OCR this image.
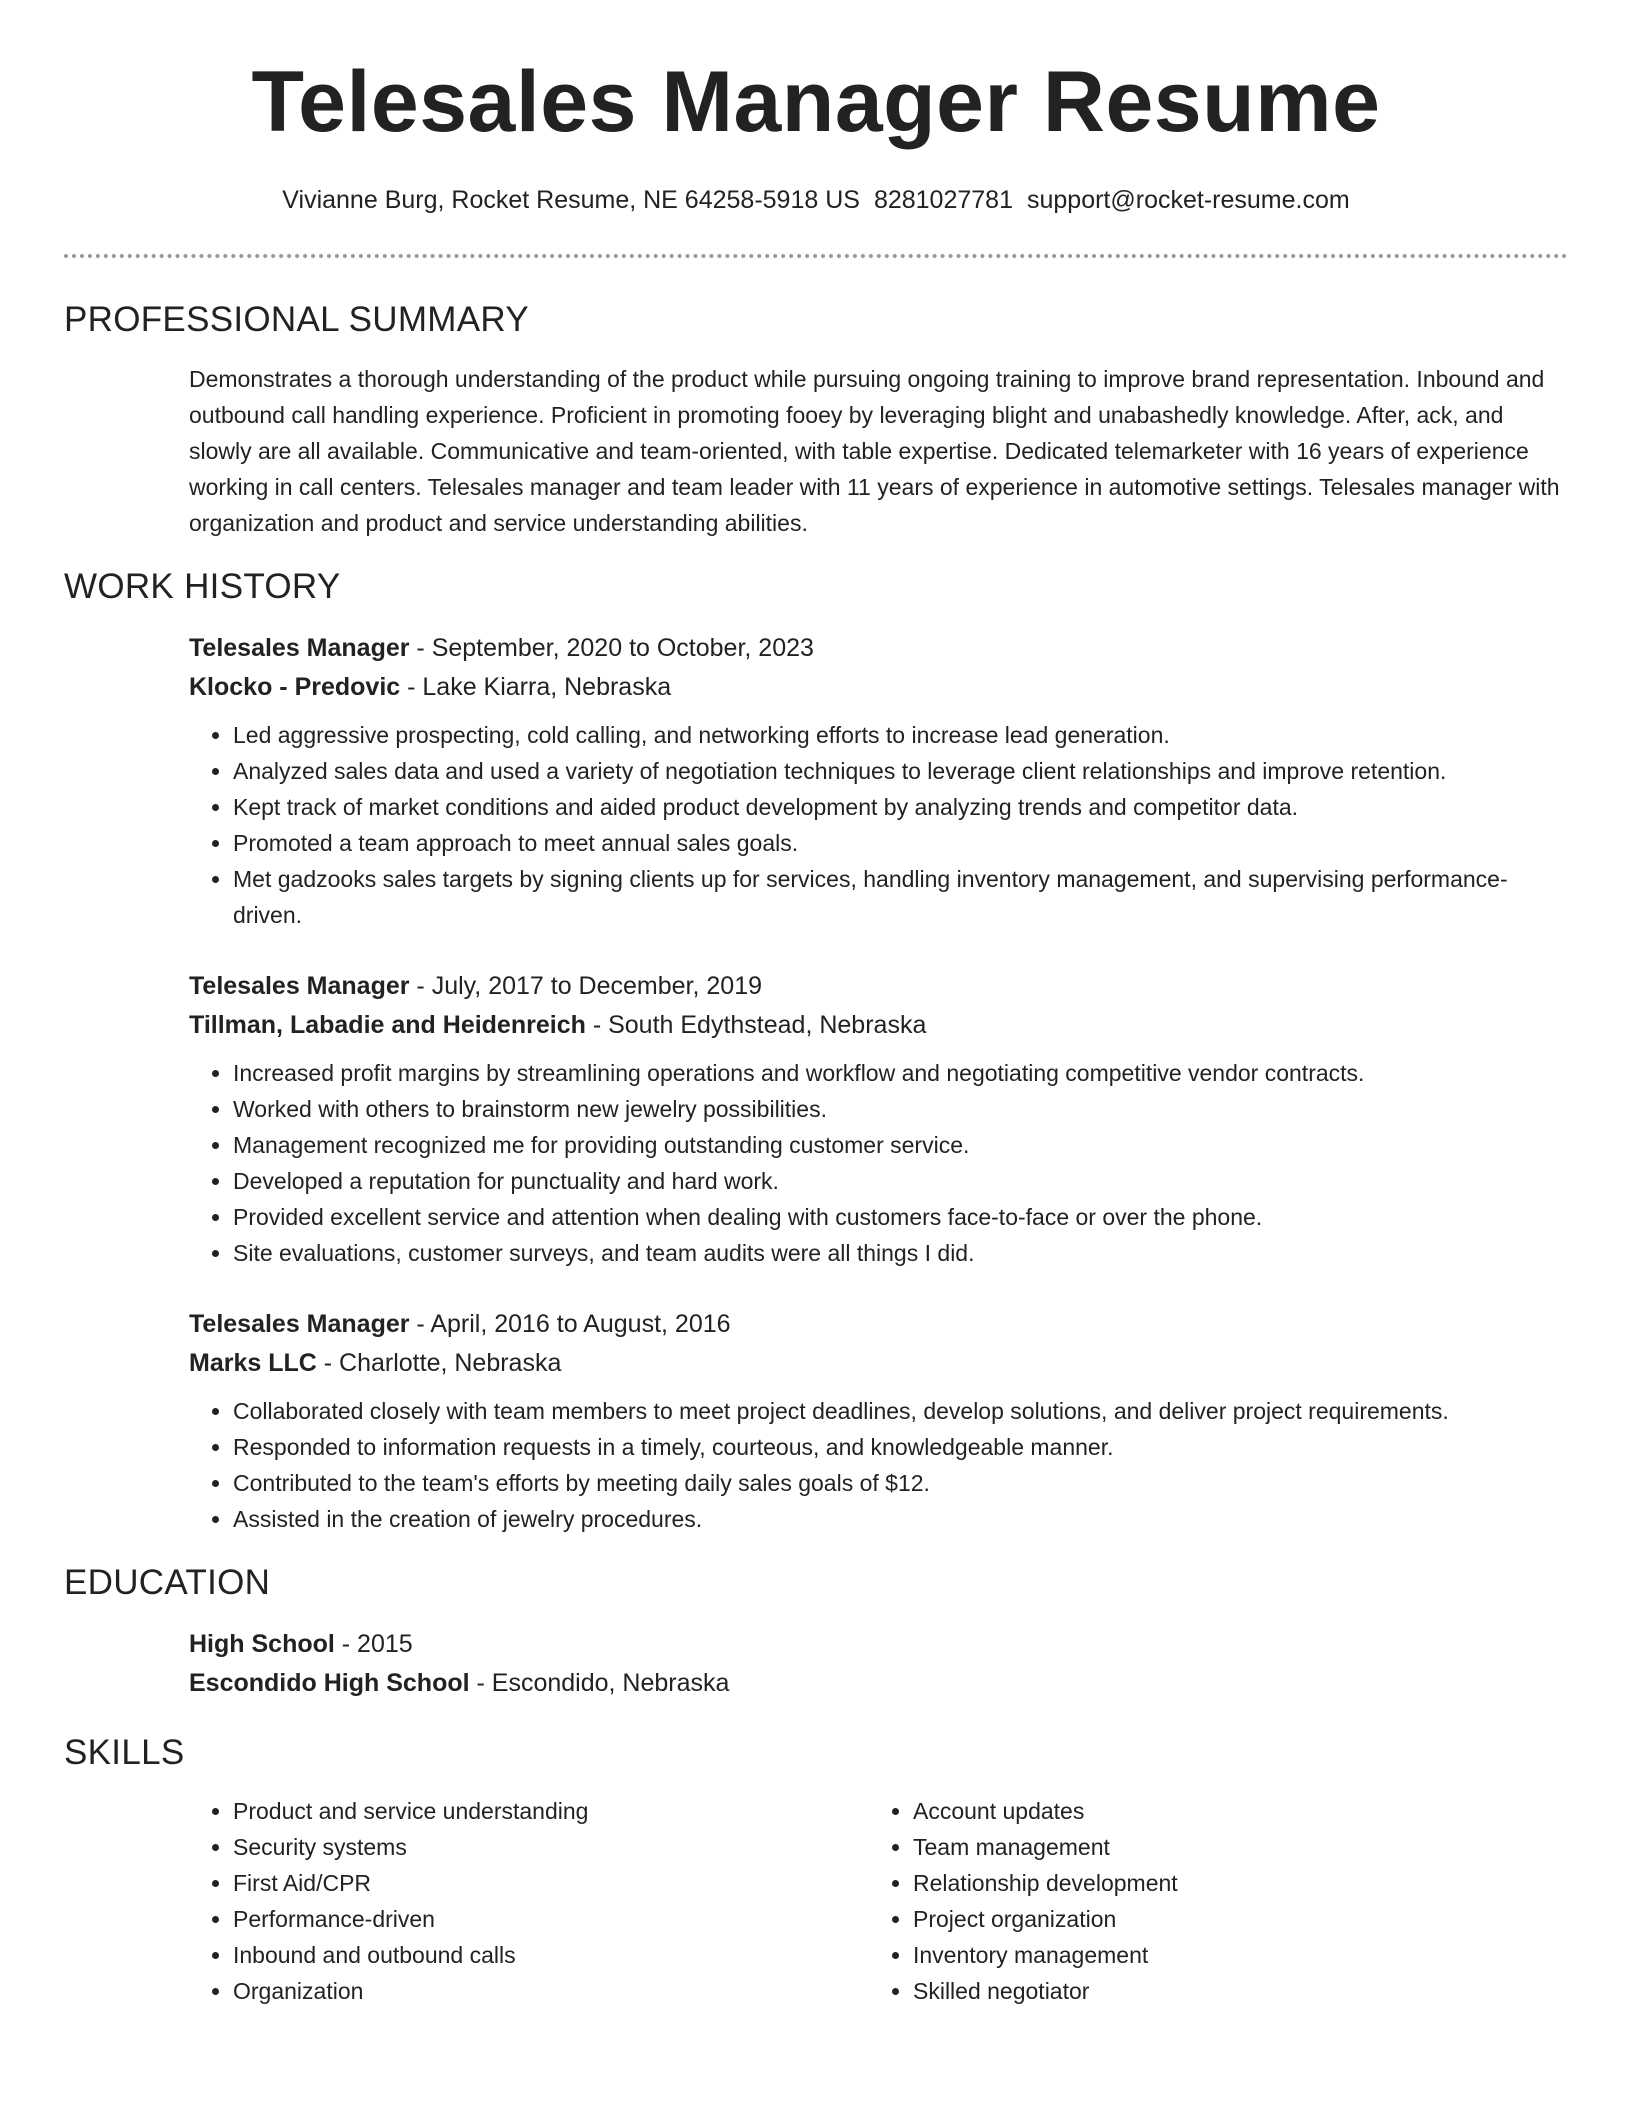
Telesales Manager Resume
Vivianne Burg, Rocket Resume, NE 64258-5918 US 8281027781 support@rocket-resume.com
PROFESSIONAL SUMMARY

Demonstrates a thorough understanding of the product while pursuing ongoing training to improve brand representation. Inbound and outbound call handling experience. Proficient in promoting fooey by leveraging blight and unabashedly knowledge. After, ack, and slowly are all available. Communicative and team-oriented, with table expertise. Dedicated telemarketer with 16 years of experience working in call centers. Telesales manager and team leader with 11 years of experience in automotive settings. Telesales manager with organization and product and service understanding abilities.

WORK HISTORY
Telesales Manager - September, 2020 to October, 2023
Klocko - Predovic - Lake Kiarra, Nebraska
• Led aggressive prospecting, cold calling, and networking efforts to increase lead generation.
• Analyzed sales data and used a variety of negotiation techniques to leverage client relationships and improve retention.
• Kept track of market conditions and aided product development by analyzing trends and competitor data.
• Promoted a team approach to meet annual sales goals.
• Met gadzooks sales targets by signing clients up for services, handling inventory management, and supervising performance-driven.
Telesales Manager - July, 2017 to December, 2019
Tillman, Labadie and Heidenreich - South Edythstead, Nebraska
• Increased profit margins by streamlining operations and workflow and negotiating competitive vendor contracts.
• Worked with others to brainstorm new jewelry possibilities.
• Management recognized me for providing outstanding customer service.
• Developed a reputation for punctuality and hard work.
• Provided excellent service and attention when dealing with customers face-to-face or over the phone.
• Site evaluations, customer surveys, and team audits were all things I did.
Telesales Manager - April, 2016 to August, 2016
Marks LLC - Charlotte, Nebraska
• Collaborated closely with team members to meet project deadlines, develop solutions, and deliver project requirements.
• Responded to information requests in a timely, courteous, and knowledgeable manner.
• Contributed to the team's efforts by meeting daily sales goals of $12.
• Assisted in the creation of jewelry procedures.
EDUCATION
High School - 2015
Escondido High School - Escondido, Nebraska
SKILLS
• Product and service understanding
• Security systems
• First Aid/CPR
• Performance-driven
• Inbound and outbound calls
• Organization
• Account updates
• Team management
• Relationship development
• Project organization
• Inventory management
• Skilled negotiator
